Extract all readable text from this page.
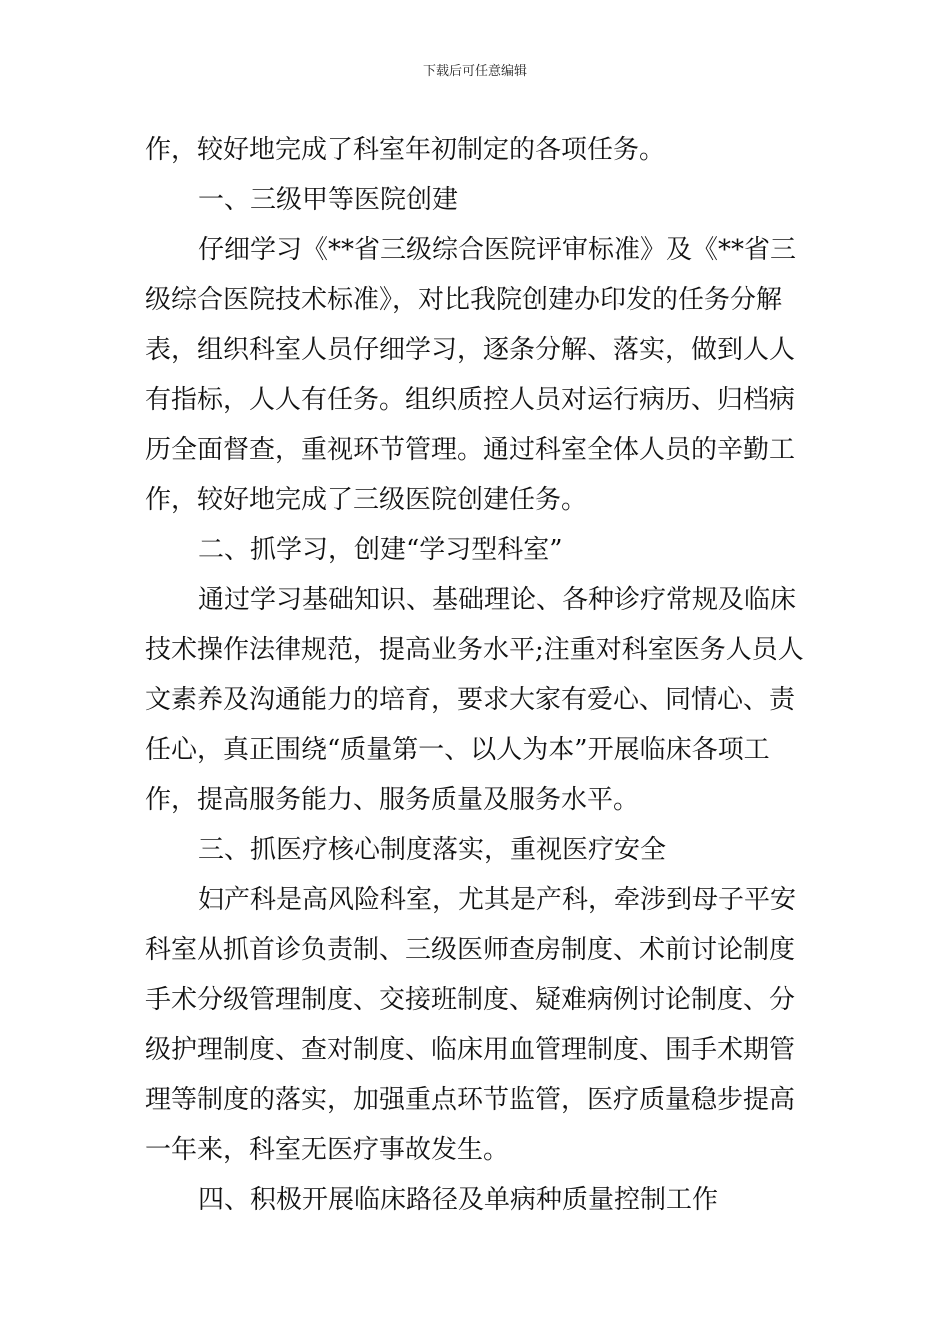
下载后可任意编辑
作，较好地完成了科室年初制定的各项任务。
一、三级甲等医院创建
仔细学习《**省三级综合医院评审标准》及《**省三
级综合医院技术标准》，对比我院创建办印发的任务分解
表，组织科室人员仔细学习，逐条分解、落实，做到人人
有指标，人人有任务。组织质控人员对运行病历、归档病
历全面督查，重视环节管理。通过科室全体人员的辛勤工
作，较好地完成了三级医院创建任务。
二、抓学习，创建“学习型科室”
通过学习基础知识、基础理论、各种诊疗常规及临床
技术操作法律规范，提高业务水平;注重对科室医务人员人
文素养及沟通能力的培育，要求大家有爱心、同情心、责
任心，真正围绕“质量第一、以人为本”开展临床各项工
作，提高服务能力、服务质量及服务水平。
三、抓医疗核心制度落实，重视医疗安全
妇产科是高风险科室，尤其是产科，牵涉到母子平安
科室从抓首诊负责制、三级医师查房制度、术前讨论制度
手术分级管理制度、交接班制度、疑难病例讨论制度、分
级护理制度、查对制度、临床用血管理制度、围手术期管
理等制度的落实，加强重点环节监管，医疗质量稳步提高
一年来，科室无医疗事故发生。
四、积极开展临床路径及单病种质量控制工作
